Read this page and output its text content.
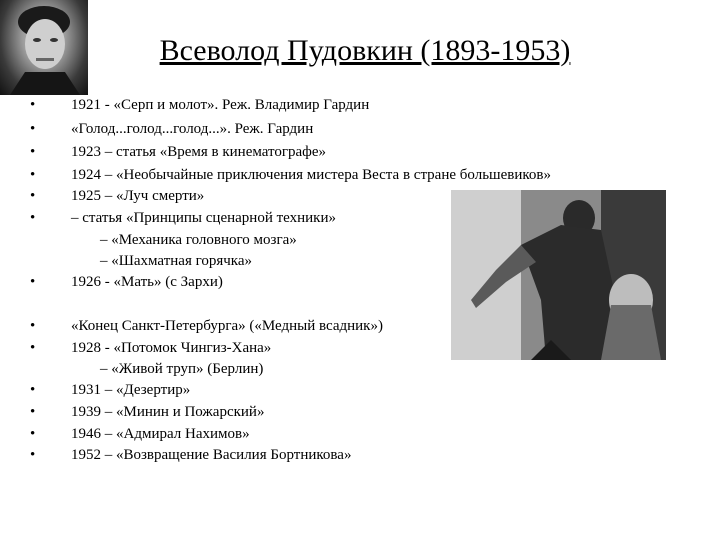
Всеволод Пудовкин (1893-1953)
•	1921 - «Серп и молот». Реж. Владимир Гардин
•	«Голод...голод...голод...». Реж. Гардин
•	1923 – статья «Время в кинематографе»
•	1924 – «Необычайные приключения мистера Веста в стране большевиков»
•	1925 – «Луч смерти»
•	– статья «Принципы сценарной техники»
– «Механика головного мозга»
– «Шахматная горячка»
•	1926 - «Мать» (с Зархи)
•	«Конец Санкт-Петербурга» («Медный всадник»)
•	1928 - «Потомок Чингиз-Хана»
– «Живой труп» (Берлин)
•	1931 – «Дезертир»
•	1939 – «Минин и Пожарский»
•	1946 – «Адмирал Нахимов»
•	1952 – «Возвращение Василия Бортникова»
